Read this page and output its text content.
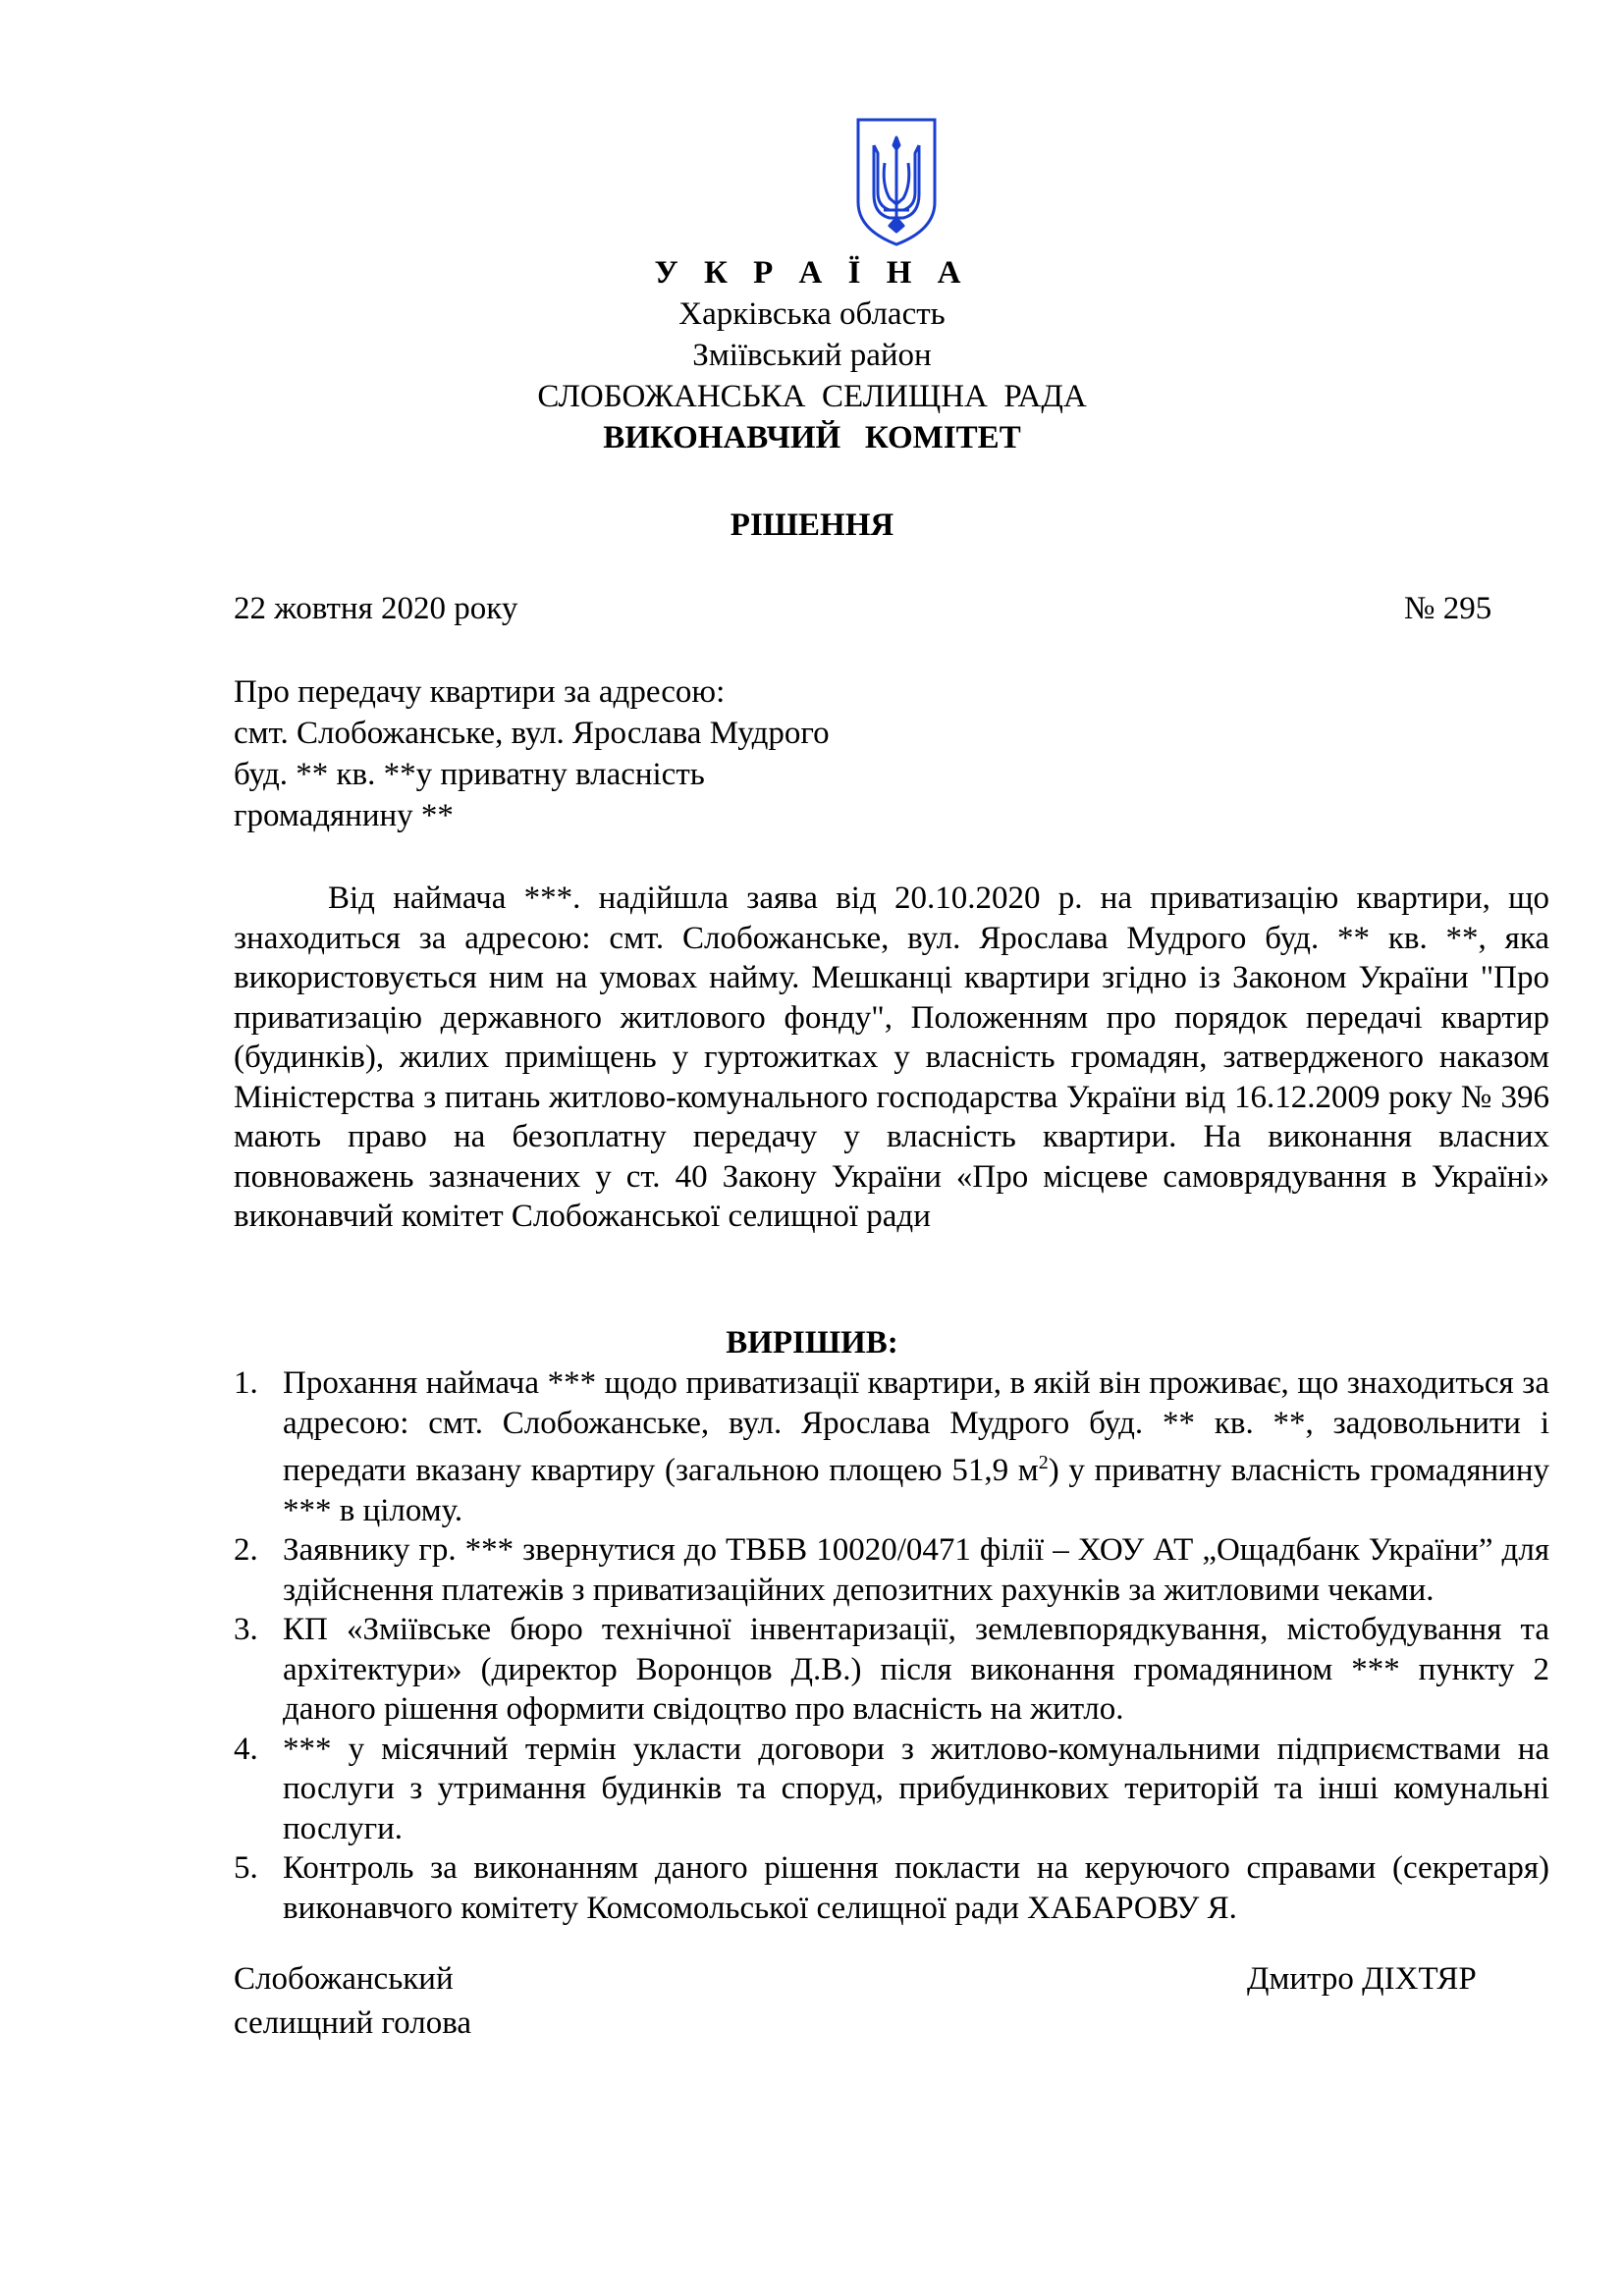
У К Р А Ї Н А
Харківська область
Зміївський район
СЛОБОЖАНСЬКА  СЕЛИЩНА  РАДА
ВИКОНАВЧИЙ   КОМІТЕТ
РІШЕННЯ
22 жовтня 2020 року	№ 295
Про передачу квартири за адресою:
смт. Слобожанське, вул. Ярослава Мудрого
буд. ** кв. **у приватну власність
громадянину **
Від наймача ***. надійшла заява від 20.10.2020 р. на приватизацію квартири, що знаходиться за адресою: смт. Слобожанське, вул. Ярослава Мудрого буд. ** кв. **, яка використовується ним на умовах найму. Мешканці квартири згідно із Законом України "Про приватизацію державного житлового фонду", Положенням про порядок передачі квартир (будинків), жилих приміщень у гуртожитках у власність громадян, затвердженого наказом Міністерства з питань житлово-комунального господарства України від 16.12.2009 року № 396 мають право на безоплатну передачу у власність квартири. На виконання власних повноважень зазначених у ст. 40 Закону України «Про місцеве самоврядування в Україні» виконавчий комітет Слобожанської селищної ради
ВИРІШИВ:
1. Прохання наймача *** щодо приватизації квартири, в якій він проживає, що знаходиться за адресою: смт. Слобожанське, вул. Ярослава Мудрого буд. ** кв. **, задовольнити і передати вказану квартиру (загальною площею 51,9 $м^2$) у приватну власність громадянину *** в цілому.
2. Заявнику гр. *** звернутися до ТВБВ 10020/0471 філії – ХОУ АТ „Ощадбанк України” для здійснення платежів з приватизаційних депозитних рахунків за житловими чеками.
3. КП «Зміївське бюро технічної інвентаризації, землевпорядкування, містобудування та архітектури» (директор Воронцов Д.В.) після виконання громадянином *** пункту 2 даного рішення оформити свідоцтво про власність на житло.
4. *** у місячний термін укласти договори з житлово-комунальними підприємствами на послуги з утримання будинків та споруд, прибудинкових територій та інші комунальні послуги.
5. Контроль за виконанням даного рішення покласти на керуючого справами (секретаря) виконавчого комітету Комсомольської селищної ради ХАБАРОВУ Я.
Слобожанський
селищний голова
Дмитро ДІХТЯР
